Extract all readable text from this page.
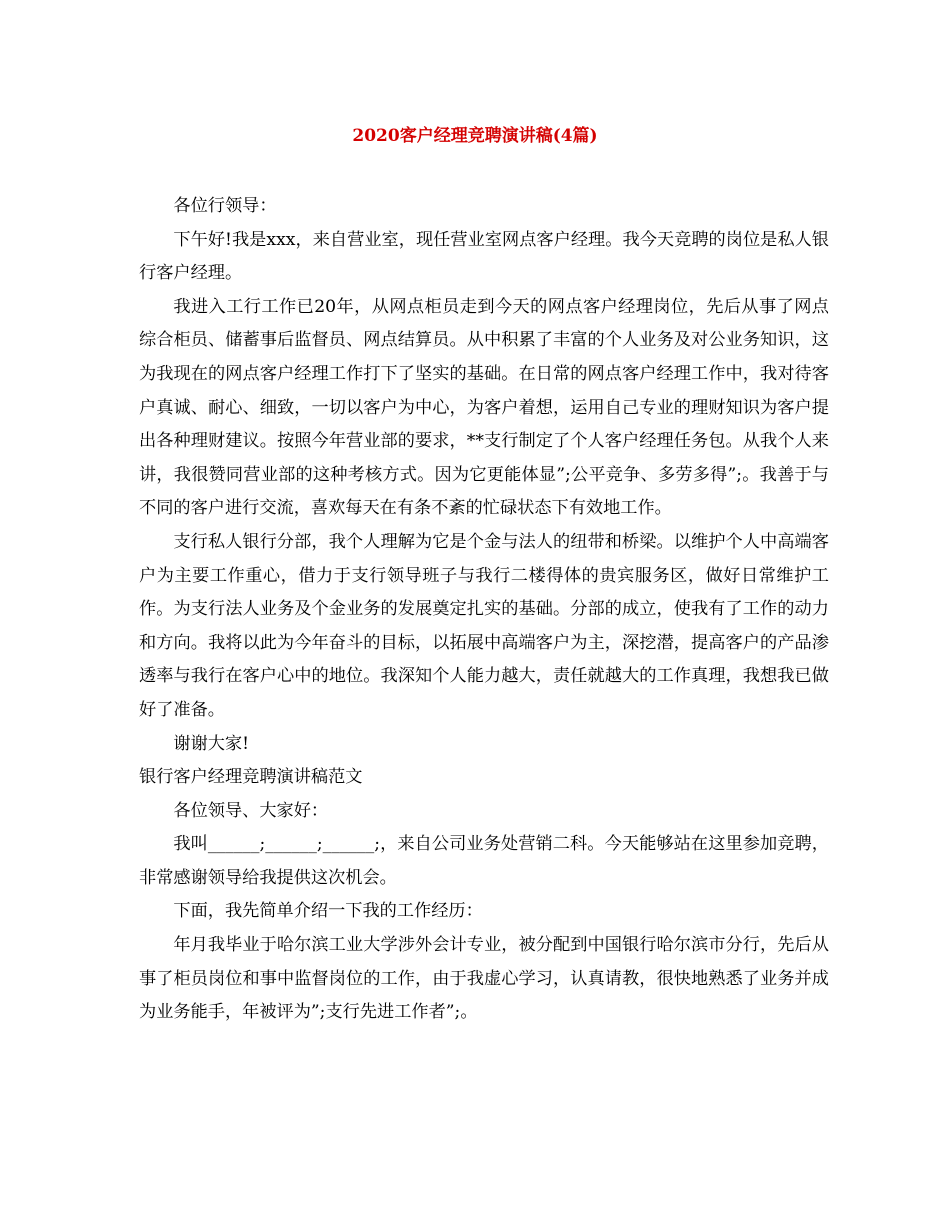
2020客户经理竞聘演讲稿(4篇)

各位行领导：

下午好!我是xxx，来自营业室，现任营业室网点客户经理。我今天竞聘的岗位是私人银行客户经理。

我进入工行工作已20年，从网点柜员走到今天的网点客户经理岗位，先后从事了网点综合柜员、储蓄事后监督员、网点结算员。从中积累了丰富的个人业务及对公业务知识，这为我现在的网点客户经理工作打下了坚实的基础。在日常的网点客户经理工作中，我对待客户真诚、耐心、细致，一切以客户为中心，为客户着想，运用自己专业的理财知识为客户提出各种理财建议。按照今年营业部的要求，**支行制定了个人客户经理任务包。从我个人来讲，我很赞同营业部的这种考核方式。因为它更能体显”;公平竞争、多劳多得”;。我善于与不同的客户进行交流，喜欢每天在有条不紊的忙碌状态下有效地工作。

支行私人银行分部，我个人理解为它是个金与法人的纽带和桥梁。以维护个人中高端客户为主要工作重心，借力于支行领导班子与我行二楼得体的贵宾服务区，做好日常维护工作。为支行法人业务及个金业务的发展奠定扎实的基础。分部的成立，使我有了工作的动力和方向。我将以此为今年奋斗的目标，以拓展中高端客户为主，深挖潜，提高客户的产品渗透率与我行在客户心中的地位。我深知个人能力越大，责任就越大的工作真理，我想我已做好了准备。

谢谢大家!

银行客户经理竞聘演讲稿范文

各位领导、大家好：

我叫______;______;______;，来自公司业务处营销二科。今天能够站在这里参加竞聘，非常感谢领导给我提供这次机会。

下面，我先简单介绍一下我的工作经历：

年月我毕业于哈尔滨工业大学涉外会计专业，被分配到中国银行哈尔滨市分行，先后从事了柜员岗位和事中监督岗位的工作，由于我虚心学习，认真请教，很快地熟悉了业务并成为业务能手，年被评为”;支行先进工作者”;。
